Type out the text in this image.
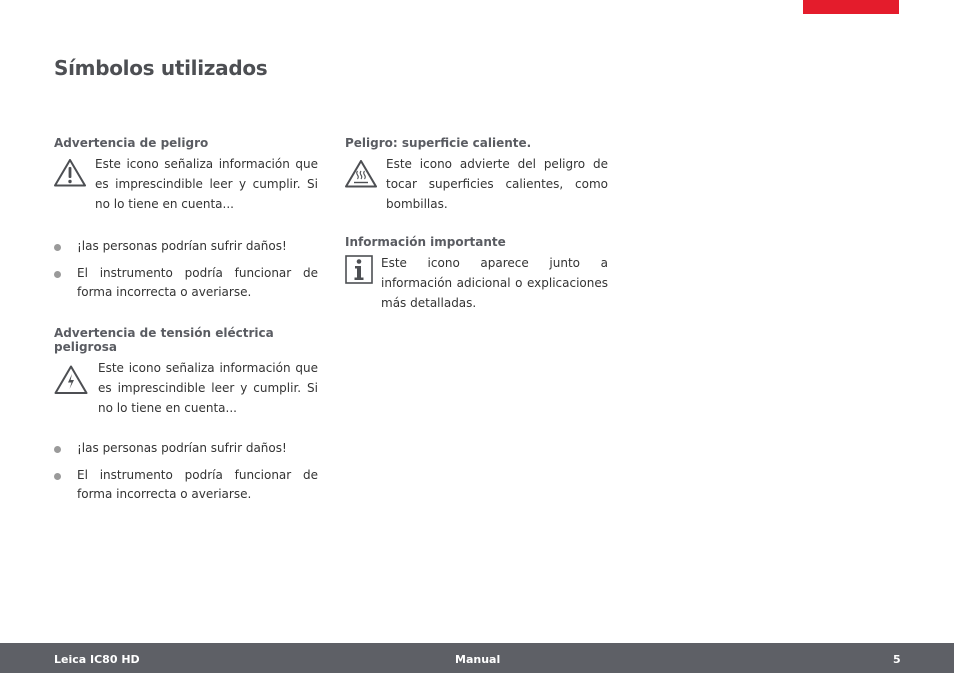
Símbolos utilizados

Advertencia de peligro

Este icono señaliza información que es imprescindible leer y cumplir. Si no lo tiene en cuenta...

¡las personas podrían sufrir daños!
El instrumento podría funcionar de forma incorrecta o averiarse.

Advertencia de tensión eléctrica peligrosa

Este icono señaliza información que es imprescindible leer y cumplir. Si no lo tiene en cuenta...

¡las personas podrían sufrir daños!
El instrumento podría funcionar de forma incorrecta o averiarse.

Peligro: superficie caliente.

Este icono advierte del peligro de tocar superficies calientes, como bombillas.

Información importante

Este icono aparece junto a información adicional o explicaciones más detalladas.

Leica IC80 HD	Manual	5
